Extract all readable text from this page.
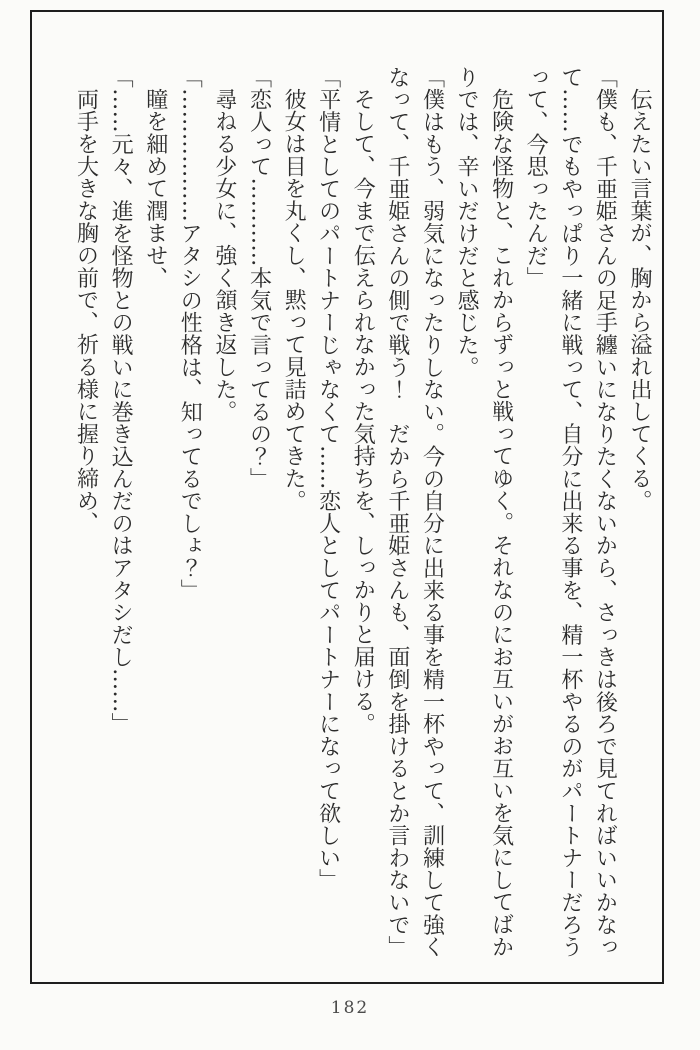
伝えたい言葉が、胸から溢れ出してくる。

「僕も、千亜姫さんの足手纏いになりたくないから、さっきは後ろで見てればいいかなっ

て……でもやっぱり一緒に戦って、自分に出来る事を、精一杯やるのがパートナーだろう

って、今思ったんだ」

危険な怪物と、これからずっと戦ってゆく。それなのにお互いがお互いを気にしてばか

りでは、辛いだけだと感じた。

「僕はもう、弱気になったりしない。今の自分に出来る事を精一杯やって、訓練して強く

なって、千亜姫さんの側で戦う！　だから千亜姫さんも、面倒を掛けるとか言わないで」

そして、今まで伝えられなかった気持ちを、しっかりと届ける。

「平情としてのパートナーじゃなくて……恋人としてパートナーになって欲しい」

彼女は目を丸くし、黙って見詰めてきた。

「恋人って…………本気で言ってるの？」

尋ねる少女に、強く頷き返した。

「………………アタシの性格は、知ってるでしょ？」

瞳を細めて潤ませ、

「……元々、進を怪物との戦いに巻き込んだのはアタシだし……」

両手を大きな胸の前で、祈る様に握り締め、

182
